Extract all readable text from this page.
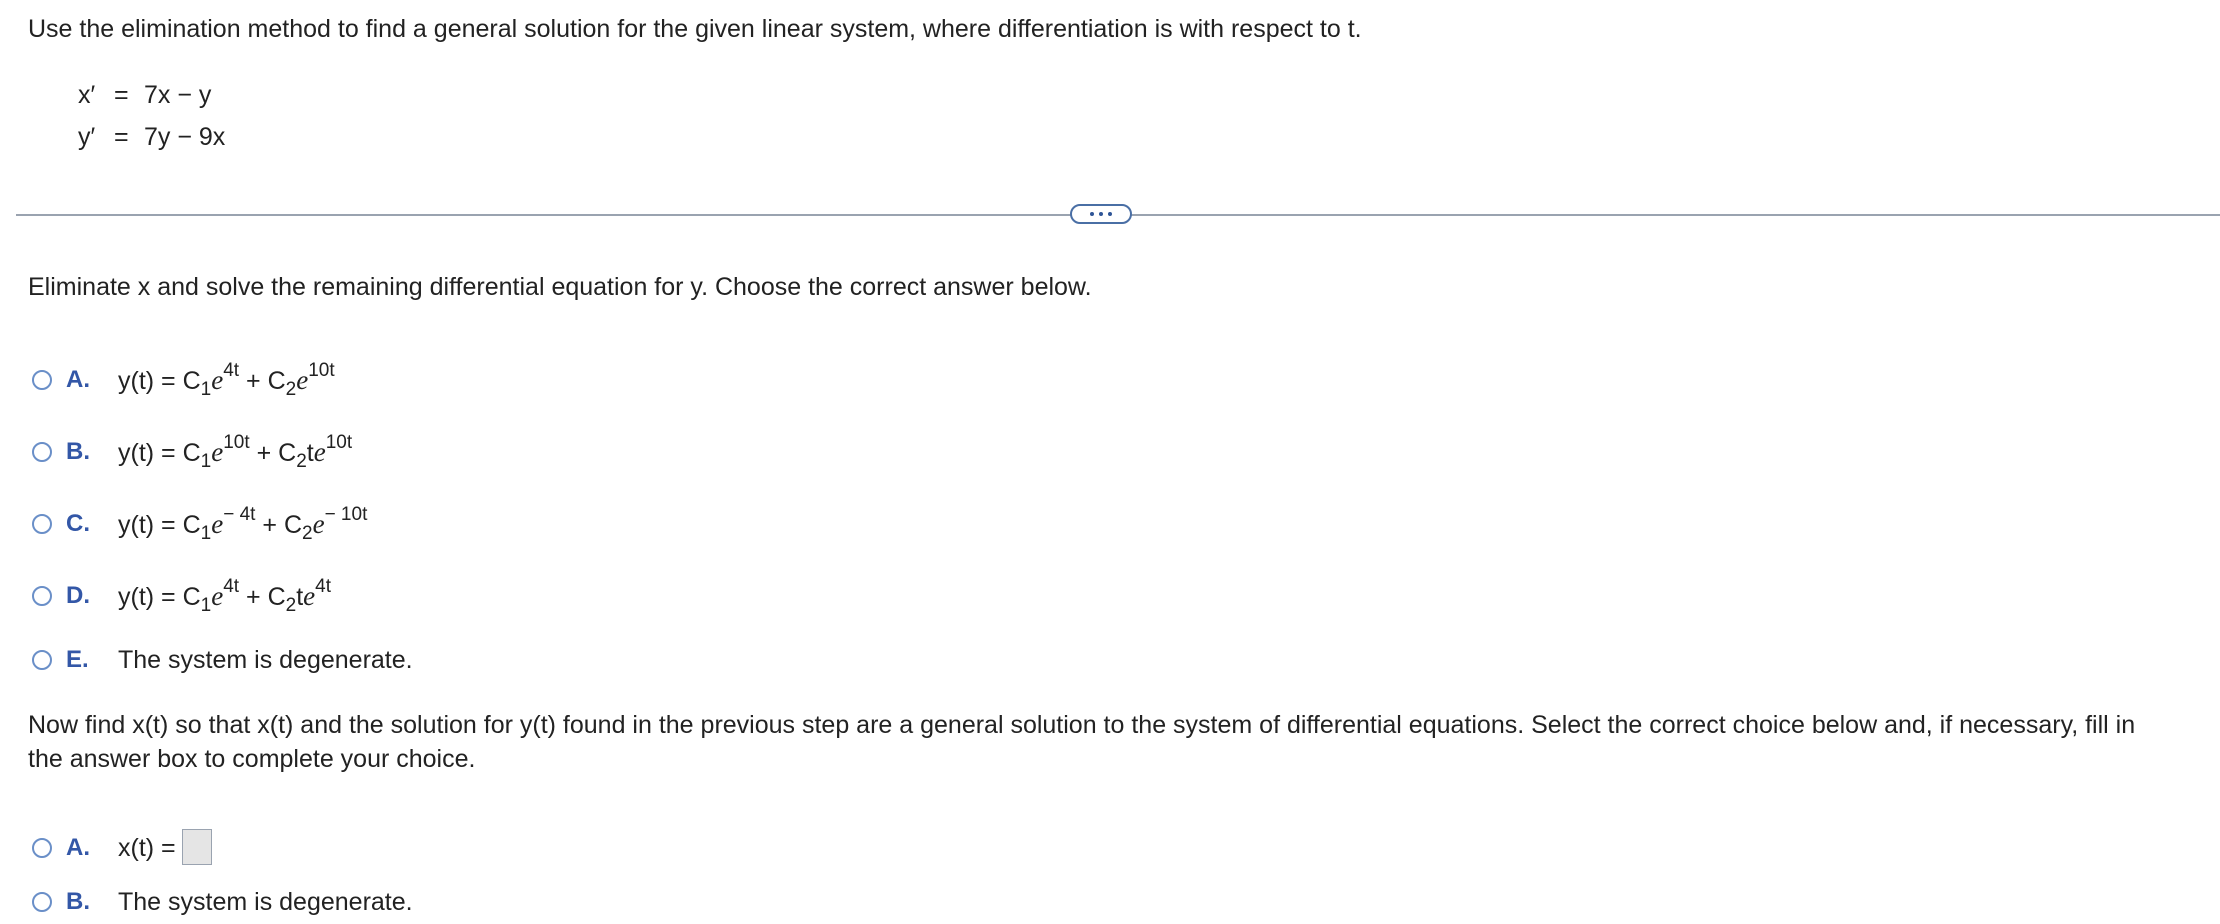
Use the elimination method to find a general solution for the given linear system, where differentiation is with respect to t.
x′ = 7x − y
y′ = 7y − 9x
Eliminate x and solve the remaining differential equation for y. Choose the correct answer below.
A.	$y(t) = C_1e^{4t} + C_2e^{10t}$
B.	$y(t) = C_1e^{10t} + C_2te^{10t}$
C.	$y(t) = C_1e^{- 4t} + C_2e^{- 10t}$
D.	$y(t) = C_1e^{4t} + C_2te^{4t}$
E.	The system is degenerate.
Now find x(t) so that x(t) and the solution for y(t) found in the previous step are a general solution to the system of differential equations. Select the correct choice below and, if necessary, fill in
the answer box to complete your choice.
A.	x(t) =
B.	The system is degenerate.
